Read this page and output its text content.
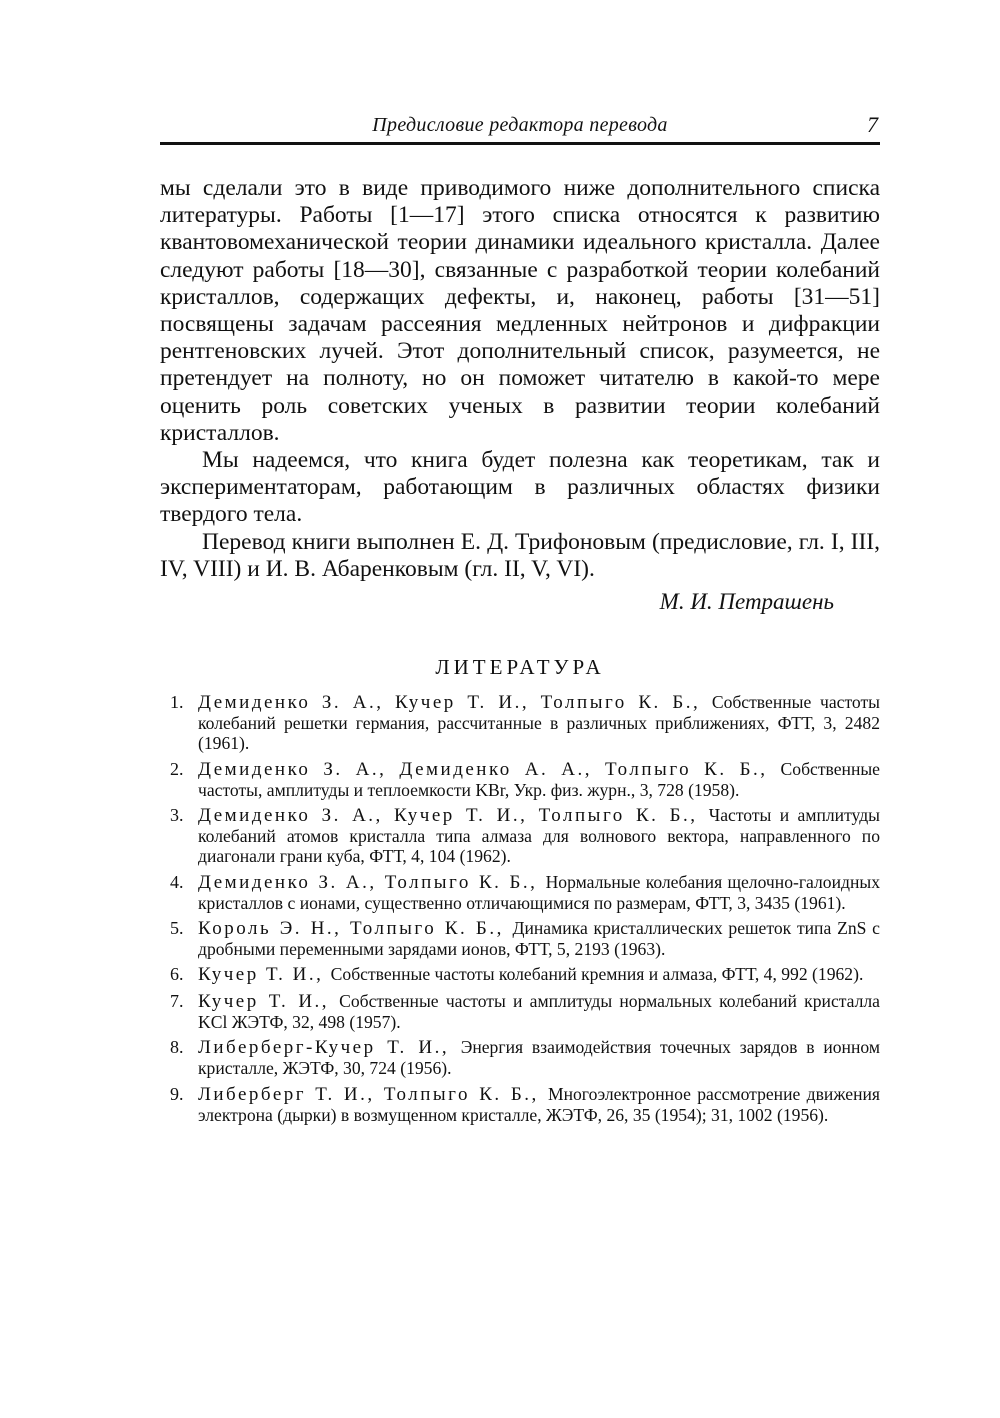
Предисловие редактора перевода	7

мы сделали это в виде приводимого ниже дополнительного списка литературы. Работы [1—17] этого списка относятся к развитию квантовомеханической теории динамики идеального кристалла. Далее следуют работы [18—30], связанные с разработкой теории колебаний кристаллов, содержащих дефекты, и, наконец, работы [31—51] посвящены задачам рассеяния медленных нейтронов и дифракции рентгеновских лучей. Этот дополнительный список, разумеется, не претендует на полноту, но он поможет читателю в какой-то мере оценить роль советских ученых в развитии теории колебаний кристаллов.

Мы надеемся, что книга будет полезна как теоретикам, так и экспериментаторам, работающим в различных областях физики твердого тела.

Перевод книги выполнен Е. Д. Трифоновым (предисловие, гл. I, III, IV, VIII) и И. В. Абаренковым (гл. II, V, VI).

М. И. Петрашень
ЛИТЕРАТУРА
1. Демиденко З. А., Кучер Т. И., Толпыго К. Б., Собственные частоты колебаний решетки германия, рассчитанные в различных приближениях, ФТТ, 3, 2482 (1961).
2. Демиденко З. А., Демиденко А. А., Толпыго К. Б., Собственные частоты, амплитуды и теплоемкости KBr, Укр. физ. журн., 3, 728 (1958).
3. Демиденко З. А., Кучер Т. И., Толпыго К. Б., Частоты и амплитуды колебаний атомов кристалла типа алмаза для волнового вектора, направленного по диагонали грани куба, ФТТ, 4, 104 (1962).
4. Демиденко З. А., Толпыго К. Б., Нормальные колебания щелочно-галоидных кристаллов с ионами, существенно отличающимися по размерам, ФТТ, 3, 3435 (1961).
5. Король Э. Н., Толпыго К. Б., Динамика кристаллических решеток типа ZnS с дробными переменными зарядами ионов, ФТТ, 5, 2193 (1963).
6. Кучер Т. И., Собственные частоты колебаний кремния и алмаза, ФТТ, 4, 992 (1962).
7. Кучер Т. И., Собственные частоты и амплитуды нормальных колебаний кристалла KCl ЖЭТФ, 32, 498 (1957).
8. Либерберг-Кучер Т. И., Энергия взаимодействия точечных зарядов в ионном кристалле, ЖЭТФ, 30, 724 (1956).
9. Либерберг Т. И., Толпыго К. Б., Многоэлектронное рассмотрение движения электрона (дырки) в возмущенном кристалле, ЖЭТФ, 26, 35 (1954); 31, 1002 (1956).
